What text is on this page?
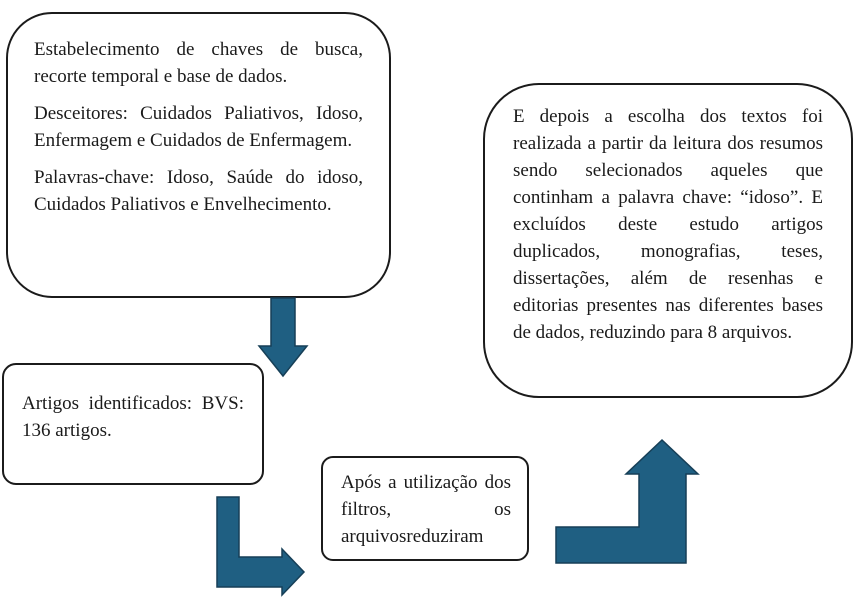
Estabelecimento de chaves de busca, recorte temporal e base de dados.

Desceitores: Cuidados Paliativos, Idoso, Enfermagem e Cuidados de Enfermagem.

Palavras-chave: Idoso, Saúde do idoso, Cuidados Paliativos e Envelhecimento.

Artigos identificados: BVS: 136 artigos.

Após a utilização dos filtros, os arquivosreduziram

E depois a escolha dos textos foi realizada a partir da leitura dos resumos sendo selecionados aqueles que continham a palavra chave: “idoso”. E excluídos deste estudo artigos duplicados, monografias, teses, dissertações, além de resenhas e editorias presentes nas diferentes bases de dados, reduzindo para 8 arquivos.
